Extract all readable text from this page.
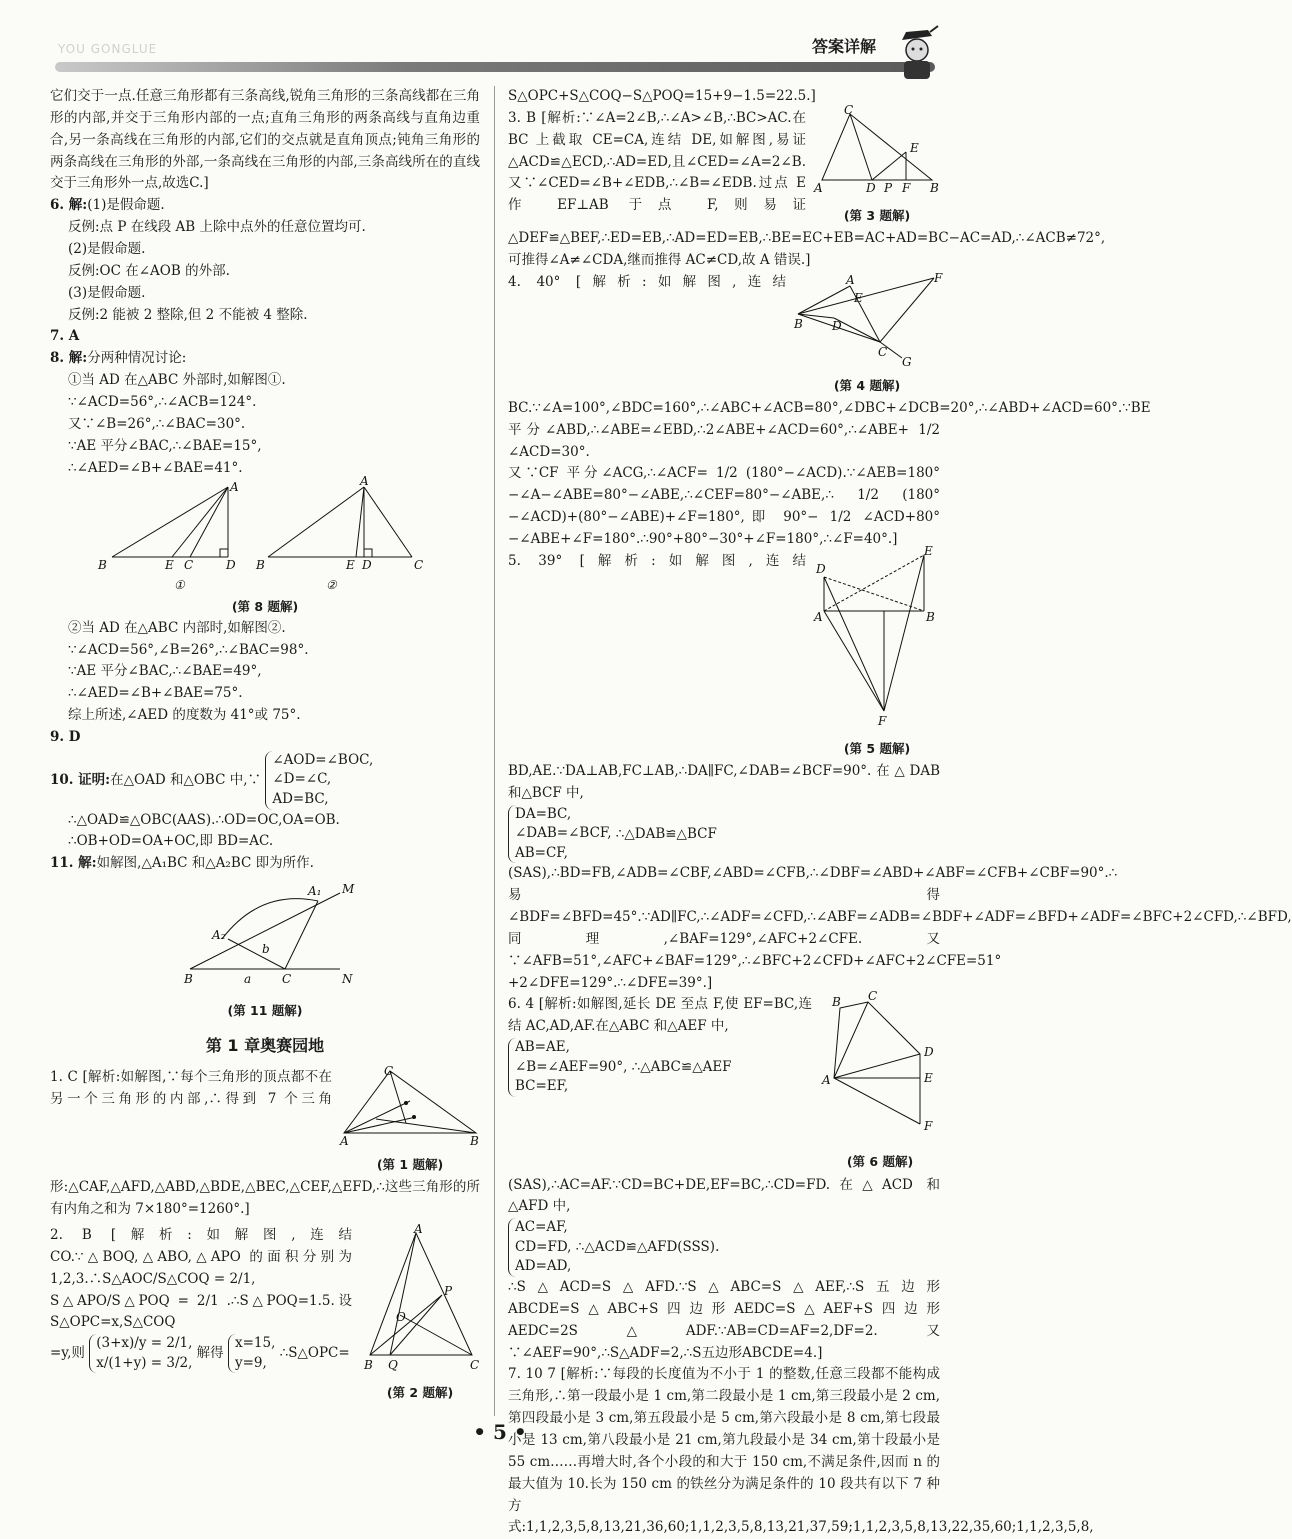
YOU GONGLUE	答案详解

它们交于一点.任意三角形都有三条高线,锐角三角形的三条高线都在三角形的内部,并交于三角形内部的一点;直角三角形的两条高线与直角边重合,另一条高线在三角形的内部,它们的交点就是直角顶点;钝角三角形的两条高线在三角形的外部,一条高线在三角形的内部,三条高线所在的直线交于三角形外一点,故选C.]

6. 解:(1)是假命题.

反例:点 P 在线段 AB 上除中点外的任意位置均可.

(2)是假命题.

反例:OC 在∠AOB 的外部.

(3)是假命题.

反例:2 能被 2 整除,但 2 不能被 4 整除.

7. A

8. 解:分两种情况讨论:

①当 AD 在△ABC 外部时,如解图①.

∵∠ACD=56°,∴∠ACB=124°.

又∵∠B=26°,∴∠BAC=30°.

∵AE 平分∠BAC,∴∠BAE=15°,

∴∠AED=∠B+∠BAE=41°.

A
B	E C	D
①
A
B	E D	C
②

(第 8 题解)

②当 AD 在△ABC 内部时,如解图②.

∵∠ACD=56°,∠B=26°,∴∠BAC=98°.

∵AE 平分∠BAC,∴∠BAE=49°,

∴∠AED=∠B+∠BAE=75°.

综上所述,∠AED 的度数为 41°或 75°.

9. D

10. 证明:在△OAD 和△OBC 中,∵ ∠AOD=∠BOC,
∠D=∠C,
AD=BC,

∴△OAD≌△OBC(AAS).∴OD=OC,OA=OB.

∴OB+OD=OA+OC,即 BD=AC.

11. 解:如解图,△A₁BC 和△A₂BC 即为所作.

B	C	N
a
b
A₂
A₁ M

(第 11 题解)

第 1 章奥赛园地
C
A	B
(第 1 题解)

1. C [解析:如解图,∵每个三角形的顶点都不在另一个三角形的内部,∴得到 7 个三角形:△CAF,△AFD,△ABD,△BDE,△BEC,△CEF,△EFD,∴这些三角形的所有内角之和为 7×180°=1260°.]

A
P
O
B Q	C
(第 2 题解)

2. B [解析:如解图,连结 CO.∵△BOQ,△ABO,△APO 的面积分别为 1,2,3.∴S△AOC/S△COQ = 2/1,

S△APO/S△POQ = 2/1 .∴S△POQ=1.5.设 S△OPC=x,S△COQ

=y,则 (3+x)/y = 2/1,
x/(1+y) = 3/2, 解得 x=15,
y=9, ∴S△OPC=

S△OPC+S△COQ−S△POQ=15+9−1.5=22.5.]

C
A	D P F B
E
(第 3 题解)

3. B [解析:∵∠A=2∠B,∴∠A>∠B,∴BC>AC.在 BC 上截取 CE=CA,连结 DE,如解图,易证△ACD≌△ECD,∴AD=ED,且∠CED=∠A=2∠B.又∵∠CED=∠B+∠EDB,∴∠B=∠EDB.过点 E 作 EF⊥AB 于点 F,则易证△DEF≌△BEF,∴ED=EB,∴AD=ED=EB,∴BE=EC+EB=AC+AD=BC−AC=AD,∴∠ACB≠72°,可推得∠A≠∠CDA,继而推得 AC≠CD,故 A 错误.]

A
B D
C
F
G
E
(第 4 题解)

4. 40° [解析:如解图,连结 BC.∵∠A=100°,∠BDC=160°,∴∠ABC+∠ACB=80°,∠DBC+∠DCB=20°,∴∠ABD+∠ACD=60°.∵BE 平分∠ABD,∴∠ABE=∠EBD,∴2∠ABE+∠ACD=60°,∴∠ABE+ 1/2 ∠ACD=30°.

又∵CF 平分∠ACG,∴∠ACF= 1/2 (180°−∠ACD).∵∠AEB=180°−∠A−∠ABE=80°−∠ABE,∴∠CEF=80°−∠ABE,∴ 1/2 (180°−∠ACD)+(80°−∠ABE)+∠F=180°,即 90°− 1/2 ∠ACD+80°−∠ABE+∠F=180°.∴90°+80°−30°+∠F=180°,∴∠F=40°.]

D
A	B
E
F
(第 5 题解)

5. 39° [解析:如解图,连结 BD,AE.∵DA⊥AB,FC⊥AB,∴DA∥FC,∠DAB=∠BCF=90°.在△DAB 和△BCF 中,

DA=BC,
∠DAB=∠BCF,
AB=CF, ∴△DAB≌△BCF

(SAS),∴BD=FB,∠ADB=∠CBF,∠ABD=∠CFB,∴∠DBF=∠ABD+∠ABF=∠CFB+∠CBF=90°.∴易得∠BDF=∠BFD=45°.∵AD∥FC,∴∠ADF=∠CFD,∴∠ABF=∠ADB=∠BDF+∠ADF=∠BFD+∠ADF=∠BFC+2∠CFD,∴∠BFD,同理,∠BAF=129°,∠AFC+2∠CFE.又∵∠AFB=51°,∠AFC+∠BAF=129°,∴∠BFC+2∠CFD+∠AFC+2∠CFE=51°+2∠DFE=129°.∴∠DFE=39°.]

B C
D
E
A
F
(第 6 题解)

6. 4 [解析:如解图,延长 DE 至点 F,使 EF=BC,连结 AC,AD,AF.在△ABC 和△AEF 中,

AB=AE,
∠B=∠AEF=90°,
BC=EF, ∴△ABC≌△AEF

(SAS),∴AC=AF.∵CD=BC+DE,EF=BC,∴CD=FD.在△ACD 和△AFD 中,

AC=AF,
CD=FD,
AD=AD, ∴△ACD≌△AFD(SSS).

∴S△ACD=S△AFD.∵S△ABC=S△AEF,∴S五边形ABCDE=S△ABC+S四边形AEDC=S△AEF+S四边形AEDC=2S△ADF.∵AB=CD=AF=2,DF=2.又∵∠AEF=90°,∴S△ADF=2,∴S五边形ABCDE=4.]

7. 10 7 [解析:∵每段的长度值为不小于 1 的整数,任意三段都不能构成三角形,∴第一段最小是 1 cm,第二段最小是 1 cm,第三段最小是 2 cm,第四段最小是 3 cm,第五段最小是 5 cm,第六段最小是 8 cm,第七段最小是 13 cm,第八段最小是 21 cm,第九段最小是 34 cm,第十段最小是 55 cm……再增大时,各个小段的和大于 150 cm,不满足条件,因而 n 的最大值为 10.长为 150 cm 的铁丝分为满足条件的 10 段共有以下 7 种方式:1,1,2,3,5,8,13,21,36,60;1,1,2,3,5,8,13,21,37,59;1,1,2,3,5,8,13,22,35,60;1,1,2,3,5,8,

• 5 •
